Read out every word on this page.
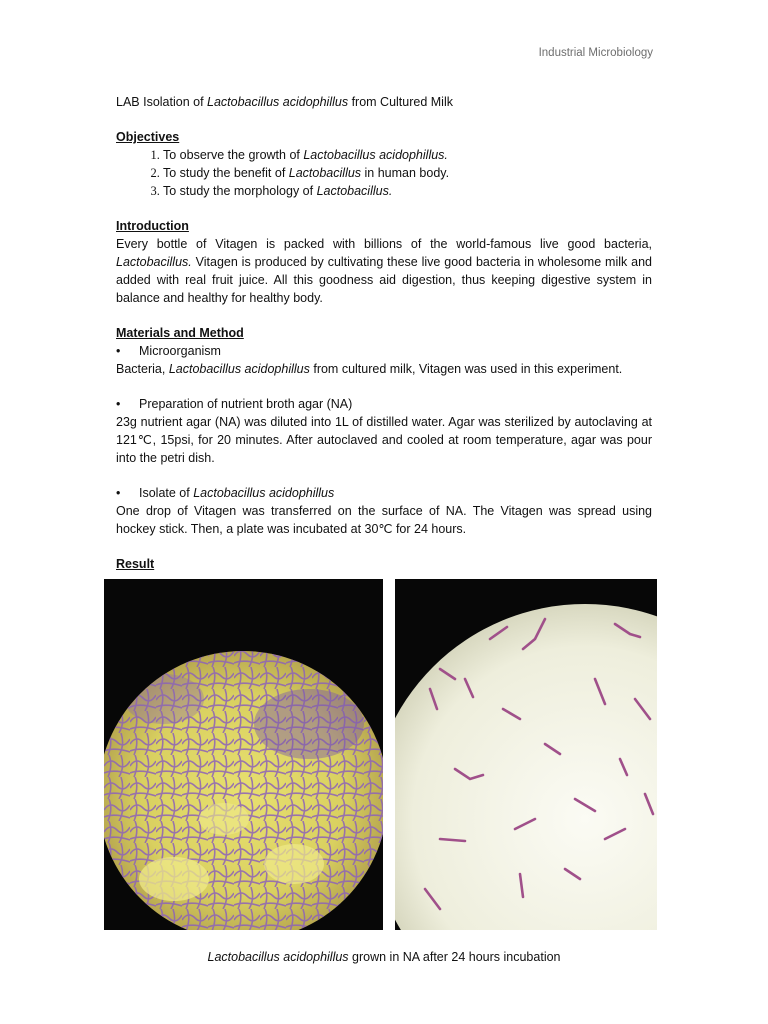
Industrial Microbiology

LAB Isolation of Lactobacillus acidophillus from Cultured Milk

Objectives

1. To observe the growth of Lactobacillus acidophillus.
2. To study the benefit of Lactobacillus in human body.
3. To study the morphology of Lactobacillus.

Introduction

Every bottle of Vitagen is packed with billions of the world-famous live good bacteria, Lactobacillus. Vitagen is produced by cultivating these live good bacteria in wholesome milk and added with real fruit juice. All this goodness aid digestion, thus keeping digestive system in balance and healthy for healthy body.

Materials and Method

•	Microorganism

Bacteria, Lactobacillus acidophillus from cultured milk, Vitagen was used in this experiment.

•	Preparation of nutrient broth agar (NA)

23g nutrient agar (NA) was diluted into 1L of distilled water. Agar was sterilized by autoclaving at 121℃, 15psi, for 20 minutes. After autoclaved and cooled at room temperature, agar was pour into the petri dish.

•	Isolate of Lactobacillus acidophillus

One drop of Vitagen was transferred on the surface of NA. The Vitagen was spread using hockey stick. Then, a plate was incubated at 30℃ for 24 hours.

Result

Lactobacillus acidophillus grown in NA after 24 hours incubation
